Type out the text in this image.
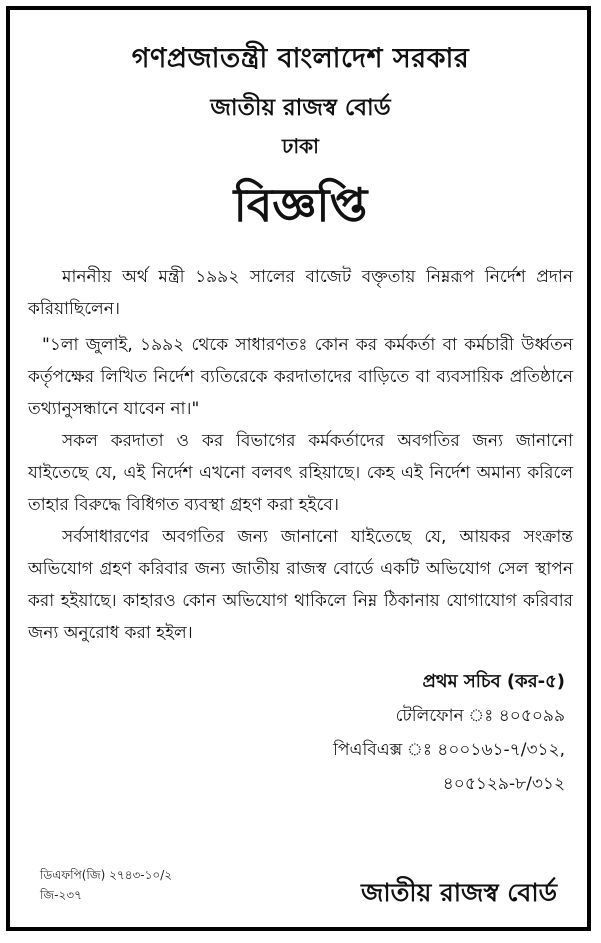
গণপ্রজাতন্ত্রী বাংলাদেশ সরকার
জাতীয় রাজস্ব বোর্ড
ঢাকা
বিজ্ঞপ্তি

মাননীয় অর্থ মন্ত্রী ১৯৯২ সালের বাজেট বক্তৃতায় নিম্নরূপ নির্দেশ প্রদান করিয়াছিলেন।

"১লা জুলাই, ১৯৯২ থেকে সাধারণতঃ কোন কর কর্মকর্তা বা কর্মচারী উর্ধ্বতন কর্তৃপক্ষের লিখিত নির্দেশ ব্যতিরেকে করদাতাদের বাড়িতে বা ব্যবসায়িক প্রতিষ্ঠানে তথ্যানুসন্ধানে যাবেন না।"

সকল করদাতা ও কর বিভাগের কর্মকর্তাদের অবগতির জন্য জানানো যাইতেছে যে, এই নির্দেশ এখনো বলবৎ রহিয়াছে। কেহ এই নির্দেশ অমান্য করিলে তাহার বিরুদ্ধে বিধিগত ব্যবস্থা গ্রহণ করা হইবে।

সর্বসাধারণের অবগতির জন্য জানানো যাইতেছে যে, আয়কর সংক্রান্ত অভিযোগ গ্রহণ করিবার জন্য জাতীয় রাজস্ব বোর্ডে একটি অভিযোগ সেল স্থাপন করা হইয়াছে। কাহারও কোন অভিযোগ থাকিলে নিম্ন ঠিকানায় যোগাযোগ করিবার জন্য অনুরোধ করা হইল।

প্রথম সচিব (কর-৫)

টেলিফোন ঃ ৪০৫০৯৯

পিএবিএক্স ঃ ৪০০১৬১-৭/৩১২,

৪০৫১২৯-৮/৩১২

ডিএফপি(জি) ২৭৪৩-১০/২
জি-২৩৭	জাতীয় রাজস্ব বোর্ড
